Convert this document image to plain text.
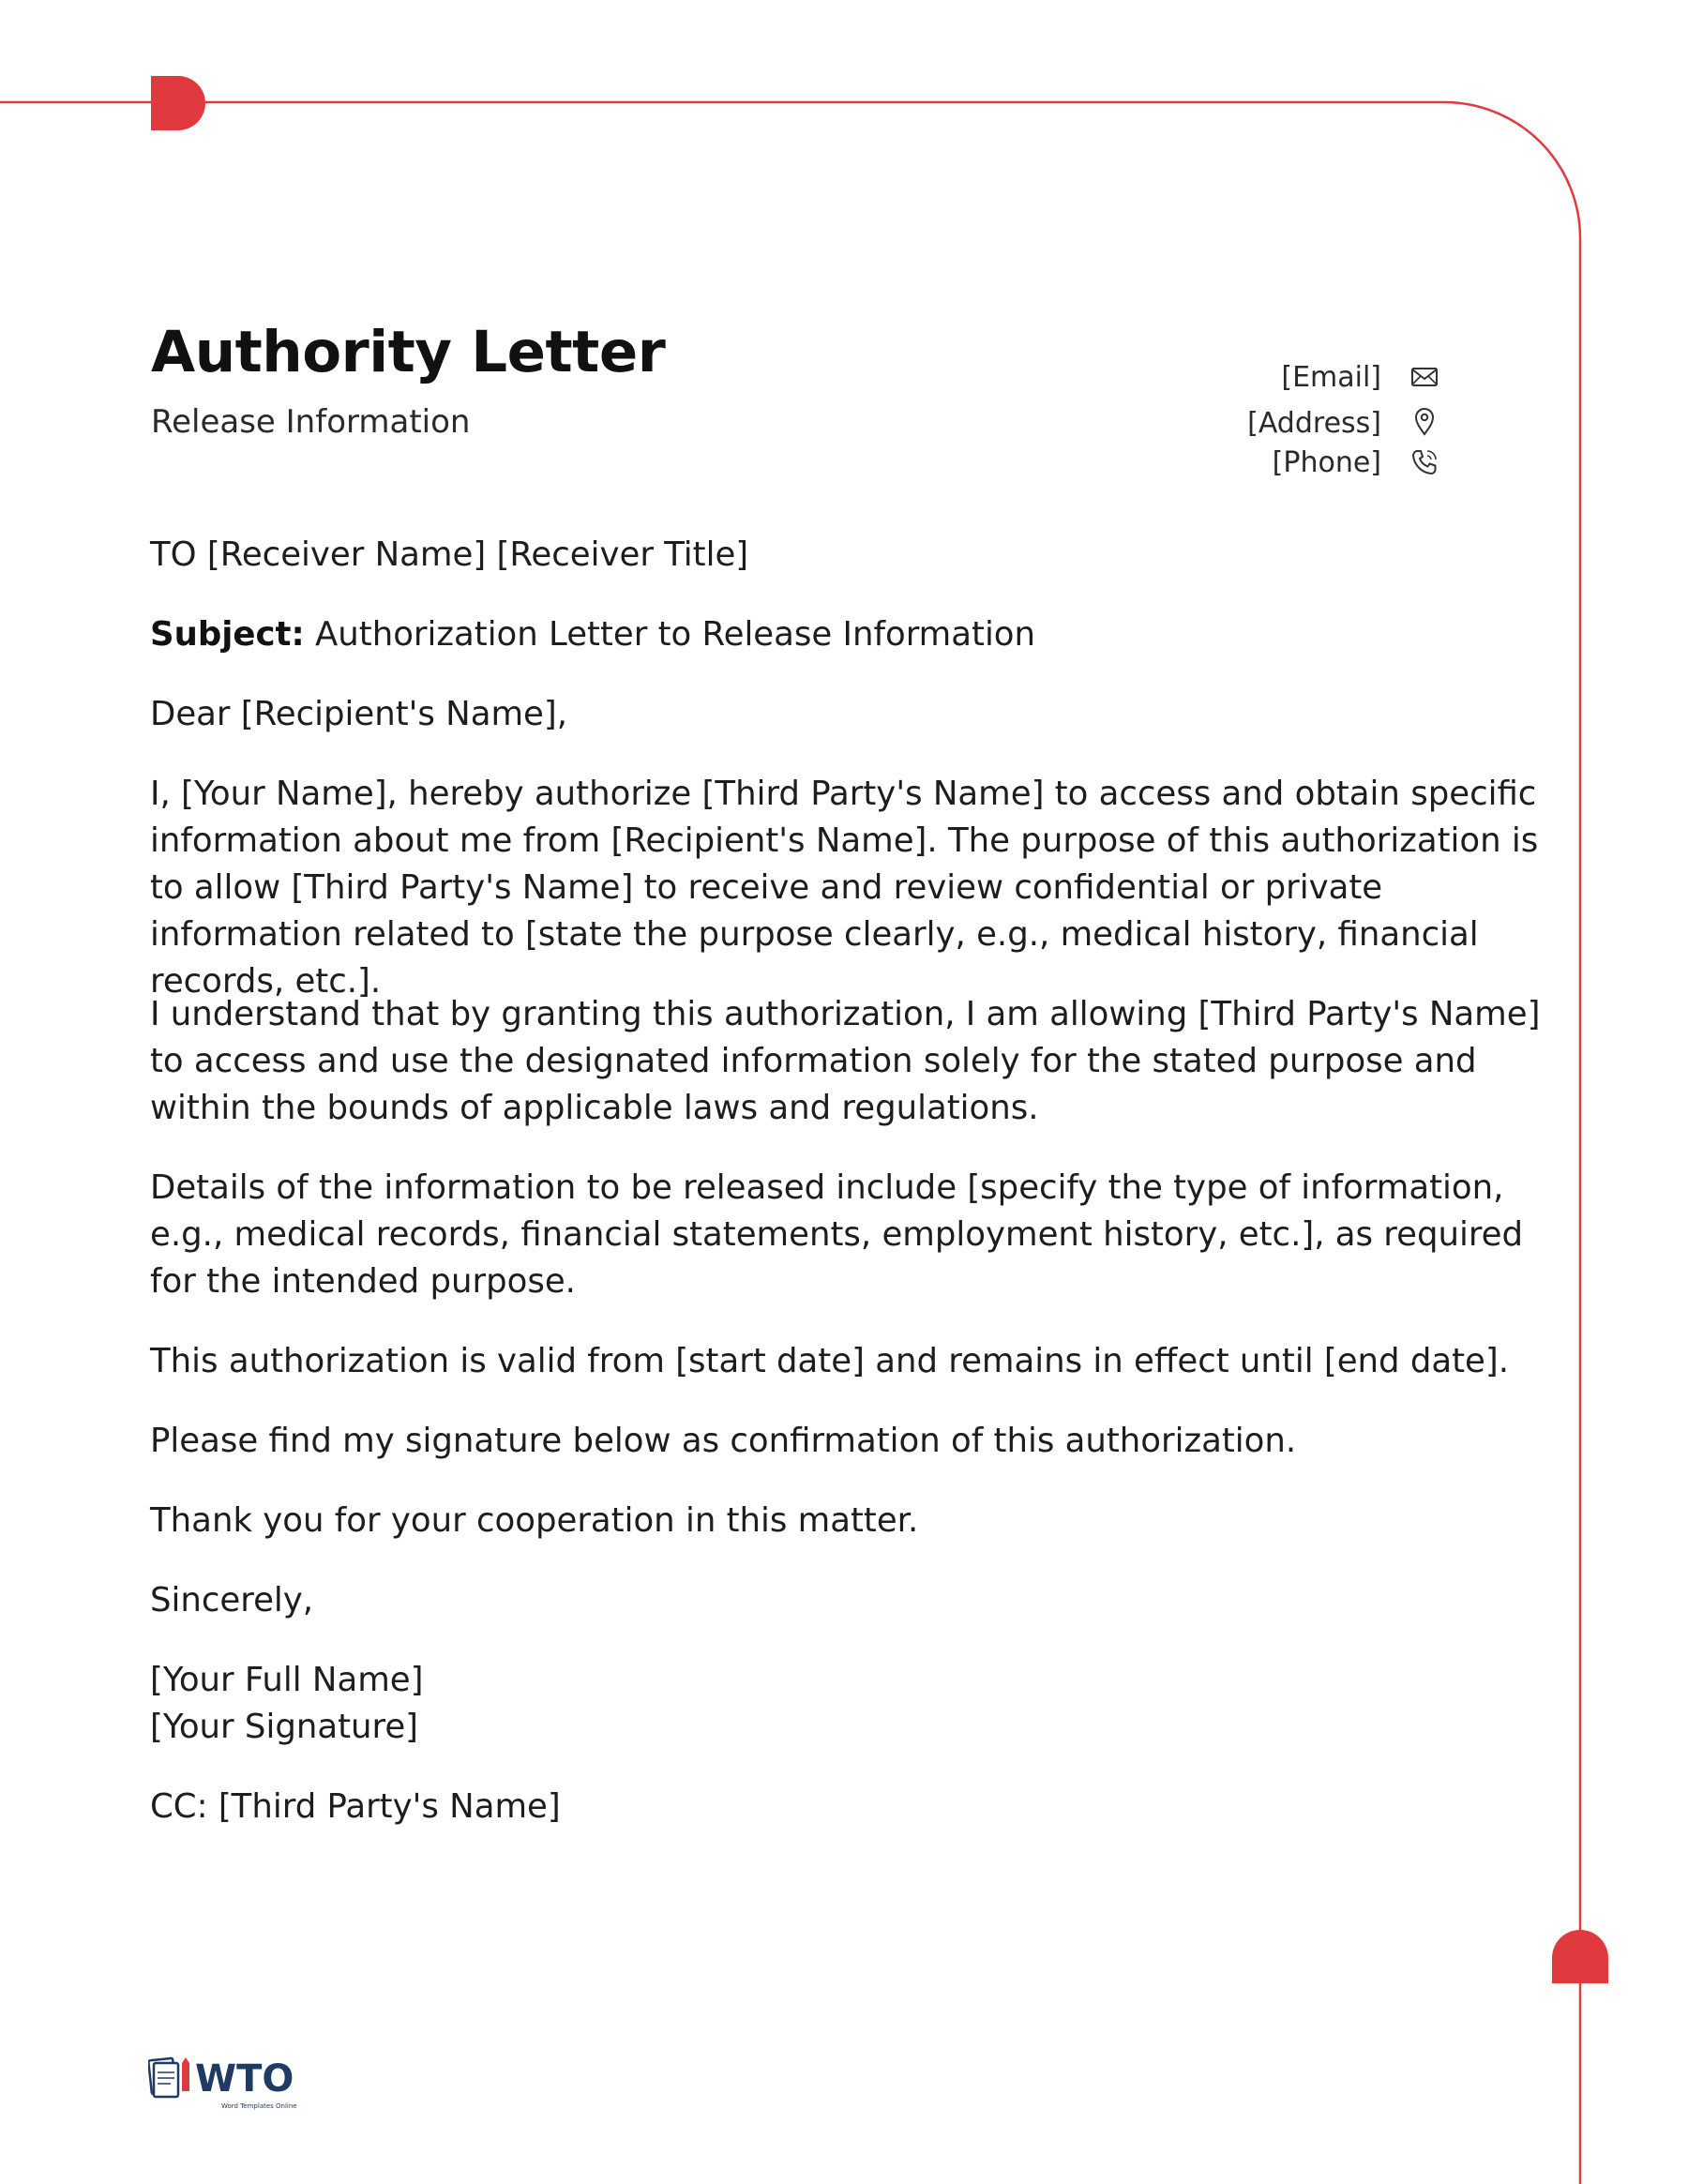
Authority Letter

Release Information

[Email]
[Address]
[Phone]

TO [Receiver Name] [Receiver Title]

Subject: Authorization Letter to Release Information

Dear [Recipient's Name],

I, [Your Name], hereby authorize [Third Party's Name] to access and obtain specific information about me from [Recipient's Name]. The purpose of this authorization is to allow [Third Party's Name] to receive and review confidential or private information related to [state the purpose clearly, e.g., medical history, financial records, etc.].

I understand that by granting this authorization, I am allowing [Third Party's Name] to access and use the designated information solely for the stated purpose and within the bounds of applicable laws and regulations.

Details of the information to be released include [specify the type of information, e.g., medical records, financial statements, employment history, etc.], as required for the intended purpose.

This authorization is valid from [start date] and remains in effect until [end date].

Please find my signature below as confirmation of this authorization.

Thank you for your cooperation in this matter.

Sincerely,

[Your Full Name]

[Your Signature]

CC: [Third Party's Name]

WTO
Word Templates Online
